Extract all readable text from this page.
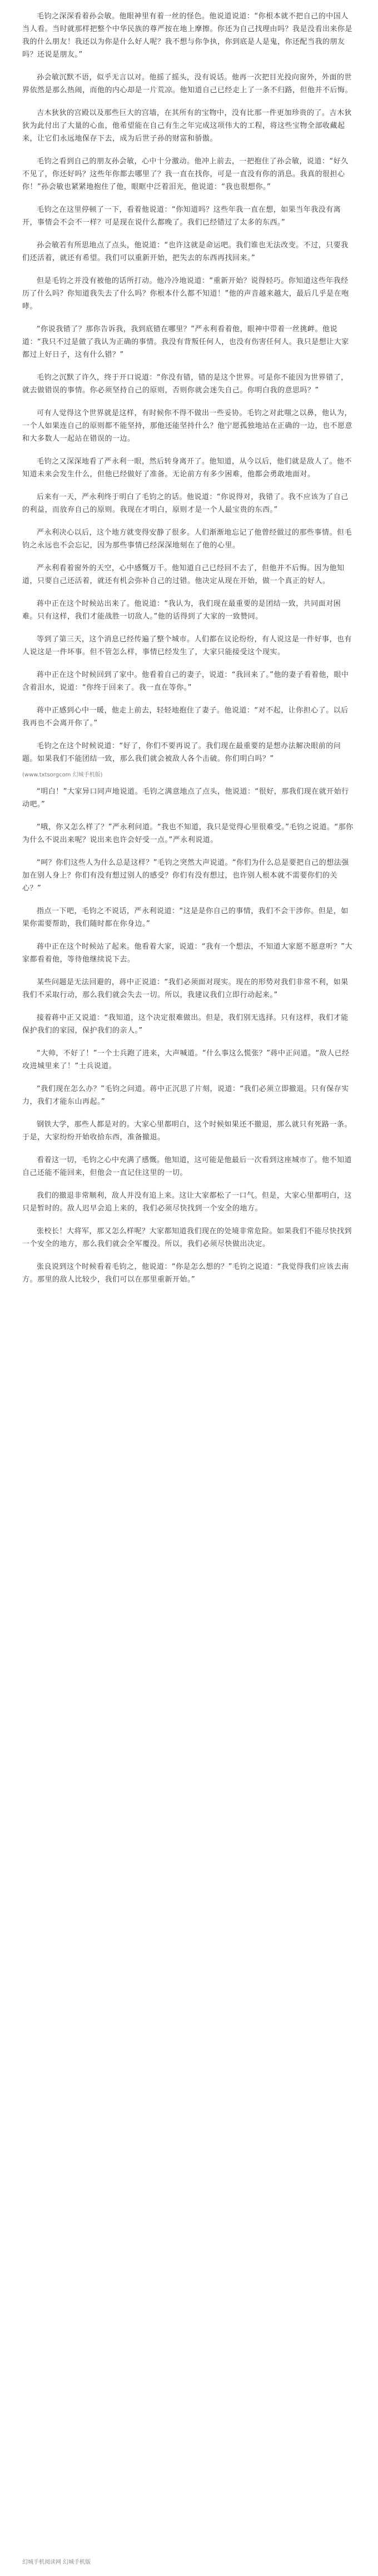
毛钧之深深看着孙会敏。他眼神里有着一丝的怪色。他说道说道：“你根本就不把自己的中国人当人看。当时就那样把整个中华民族的尊严按在地上摩擦。你还为自己找理由吗？我是没看出来你是我的什么朋友！我还以为你是什么好人呢？我不想与你争执，你到底是人是鬼，你还配当我的朋友吗？还说是朋友。”

孙会敏沉默不语，似乎无言以对。他摇了摇头，没有说话。他再一次把目光投向窗外，外面的世界依然是那么热闹，而他的内心却是一片荒凉。他知道自己已经走上了一条不归路，但他并不后悔。

吉木狄狄的宫殿以及那些巨大的宫墙，在其所有的宝物中，没有比那一件更加珍贵的了。吉木狄狄为此付出了大量的心血，他希望能在自己有生之年完成这项伟大的工程，将这些宝物全部收藏起来，让它们永远地保存下去，成为后世子孙的财富和骄傲。

毛钧之看到自己的朋友孙会敏，心中十分激动。他冲上前去，一把抱住了孙会敏，说道：“好久不见了，你还好吗？这些年你都去哪里了？我一直在找你，可是一直没有你的消息。我真的很担心你！”孙会敏也紧紧地抱住了他，眼眶中泛着泪光，他说道：“我也很想你。”

毛钧之在这里停顿了一下，看着他说道：“你知道吗？这些年我一直在想，如果当年我没有离开，事情会不会不一样？可是现在说什么都晚了。我们已经错过了太多的东西。”

孙会敏若有所思地点了点头，他说道：“也许这就是命运吧。我们谁也无法改变。不过，只要我们还活着，就还有希望。我们可以重新开始，把失去的东西再找回来。”

但是毛钧之并没有被他的话所打动。他冷冷地说道：“重新开始？说得轻巧。你知道这些年我经历了什么吗？你知道我失去了什么吗？你根本什么都不知道！”他的声音越来越大，最后几乎是在咆哮。

“你说我错了？那你告诉我，我到底错在哪里？”严永利看着他，眼神中带着一丝挑衅。他说道：“我只不过是做了我认为正确的事情。我没有背叛任何人，也没有伤害任何人。我只是想让大家都过上好日子，这有什么错？”

毛钧之沉默了许久，终于开口说道：“你没有错，错的是这个世界。可是你不能因为世界错了，就去做错误的事情。你必须坚持自己的原则，否则你就会迷失自己。你明白我的意思吗？”

可有人觉得这个世界就是这样，有时候你不得不做出一些妥协。毛钧之对此嗤之以鼻，他认为，一个人如果连自己的原则都不能坚持，那他还能坚持什么？他宁愿孤独地站在正确的一边，也不愿意和大多数人一起站在错误的一边。

毛钧之又深深地看了严永利一眼，然后转身离开了。他知道，从今以后，他们就是敌人了。他不知道未来会发生什么，但他已经做好了准备。无论前方有多少困难，他都会勇敢地面对。

后来有一天，严永利终于明白了毛钧之的话。他说道：“你说得对，我错了。我不应该为了自己的利益，而放弃自己的原则。我现在才明白，原则才是一个人最宝贵的东西。”

严永利决心以后，这个地方就变得安静了很多。人们渐渐地忘记了他曾经做过的那些事情。但毛钧之永远也不会忘记，因为那些事情已经深深地刻在了他的心里。

严永利看着窗外的天空，心中感慨万千。他知道自己已经回不去了，但他并不后悔。因为他知道，只要自己还活着，就还有机会弥补自己的过错。他决定从现在开始，做一个真正的好人。

蒋中正在这个时候站出来了。他说道：“我认为，我们现在最重要的是团结一致，共同面对困难。只有这样，我们才能战胜一切敌人。”他的话得到了大家的一致赞同。

等到了第三天，这个消息已经传遍了整个城市。人们都在议论纷纷，有人说这是一件好事，也有人说这是一件坏事。但不管怎么样，事情已经发生了，大家只能接受这个现实。

蒋中正在这个时候回到了家中。他看着自己的妻子，说道：“我回来了。”他的妻子看着他，眼中含着泪水，说道：“你终于回来了。我一直在等你。”

蒋中正感到心中一暖，他走上前去，轻轻地抱住了妻子。他说道：“对不起，让你担心了。以后我再也不会离开你了。”

毛钧之在这个时候说道：“好了，你们不要再说了。我们现在最重要的是想办法解决眼前的问题。如果我们不能团结一致，那么我们就会被敌人各个击破。你们明白吗？”

(www.txtsorgcom 幻城手机版)

“明白！”大家异口同声地说道。毛钧之满意地点了点头，他说道：“很好，那我们现在就开始行动吧。”

“哦，你又怎么样了？”严永利问道。“我也不知道，我只是觉得心里很难受。”毛钧之说道。“那你为什么不说出来呢？说出来也许会好受一点。”严永利说道。

“呵？你们这些人为什么总是这样？”毛钧之突然大声说道。“你们为什么总是要把自己的想法强加在别人身上？你们有没有想过别人的感受？你们有没有想过，也许别人根本就不需要你们的关心？”

指点一下吧，毛钧之不说话，严永利说道：“这是是你自己的事情，我们不会干涉你。但是，如果你需要帮助，我们随时都在你身边。”

蒋中正在这个时候站了起来。他看着大家，说道：“我有一个想法，不知道大家愿不愿意听？”大家都看着他，等待他继续说下去。

某些问题是无法回避的，蒋中正说道：“我们必须面对现实。现在的形势对我们非常不利，如果我们不采取行动，那么我们就会失去一切。所以，我建议我们立即行动起来。”

接着蒋中正又说道：“我知道，这个决定很难做出。但是，我们别无选择。只有这样，我们才能保护我们的家园，保护我们的亲人。”

“大帅，不好了！”一个士兵跑了进来，大声喊道。“什么事这么慌张？”蒋中正问道。“敌人已经攻进城里来了！”士兵说道。

“我们现在怎么办？”毛钧之问道。蒋中正沉思了片刻，说道：“我们必须立即撤退。只有保存实力，我们才能东山再起。”

钢铁大学，那些人都是对的。大家心里都明白，这个时候如果还不撤退，那么就只有死路一条。于是，大家纷纷开始收拾东西，准备撤退。

看着这一切，毛钧之心中充满了感慨。他知道，这可能是他最后一次看到这座城市了。他不知道自己还能不能回来，但他会一直记住这里的一切。

我们的撤退非常顺利，敌人并没有追上来。这让大家都松了一口气。但是，大家心里都明白，这只是暂时的。敌人迟早会追上来的，我们必须尽快找到一个安全的地方。

张校长！大将军，那又怎么样呢？大家都知道我们现在的处境非常危险。如果我们不能尽快找到一个安全的地方，那么我们就会全军覆没。所以，我们必须尽快做出决定。

张良说到这个时候看着毛钧之，他说道：“你是怎么想的？”毛钧之说道：“我觉得我们应该去南方。那里的敌人比较少，我们可以在那里重新开始。”

幻城手机阅读网 幻城手机版
